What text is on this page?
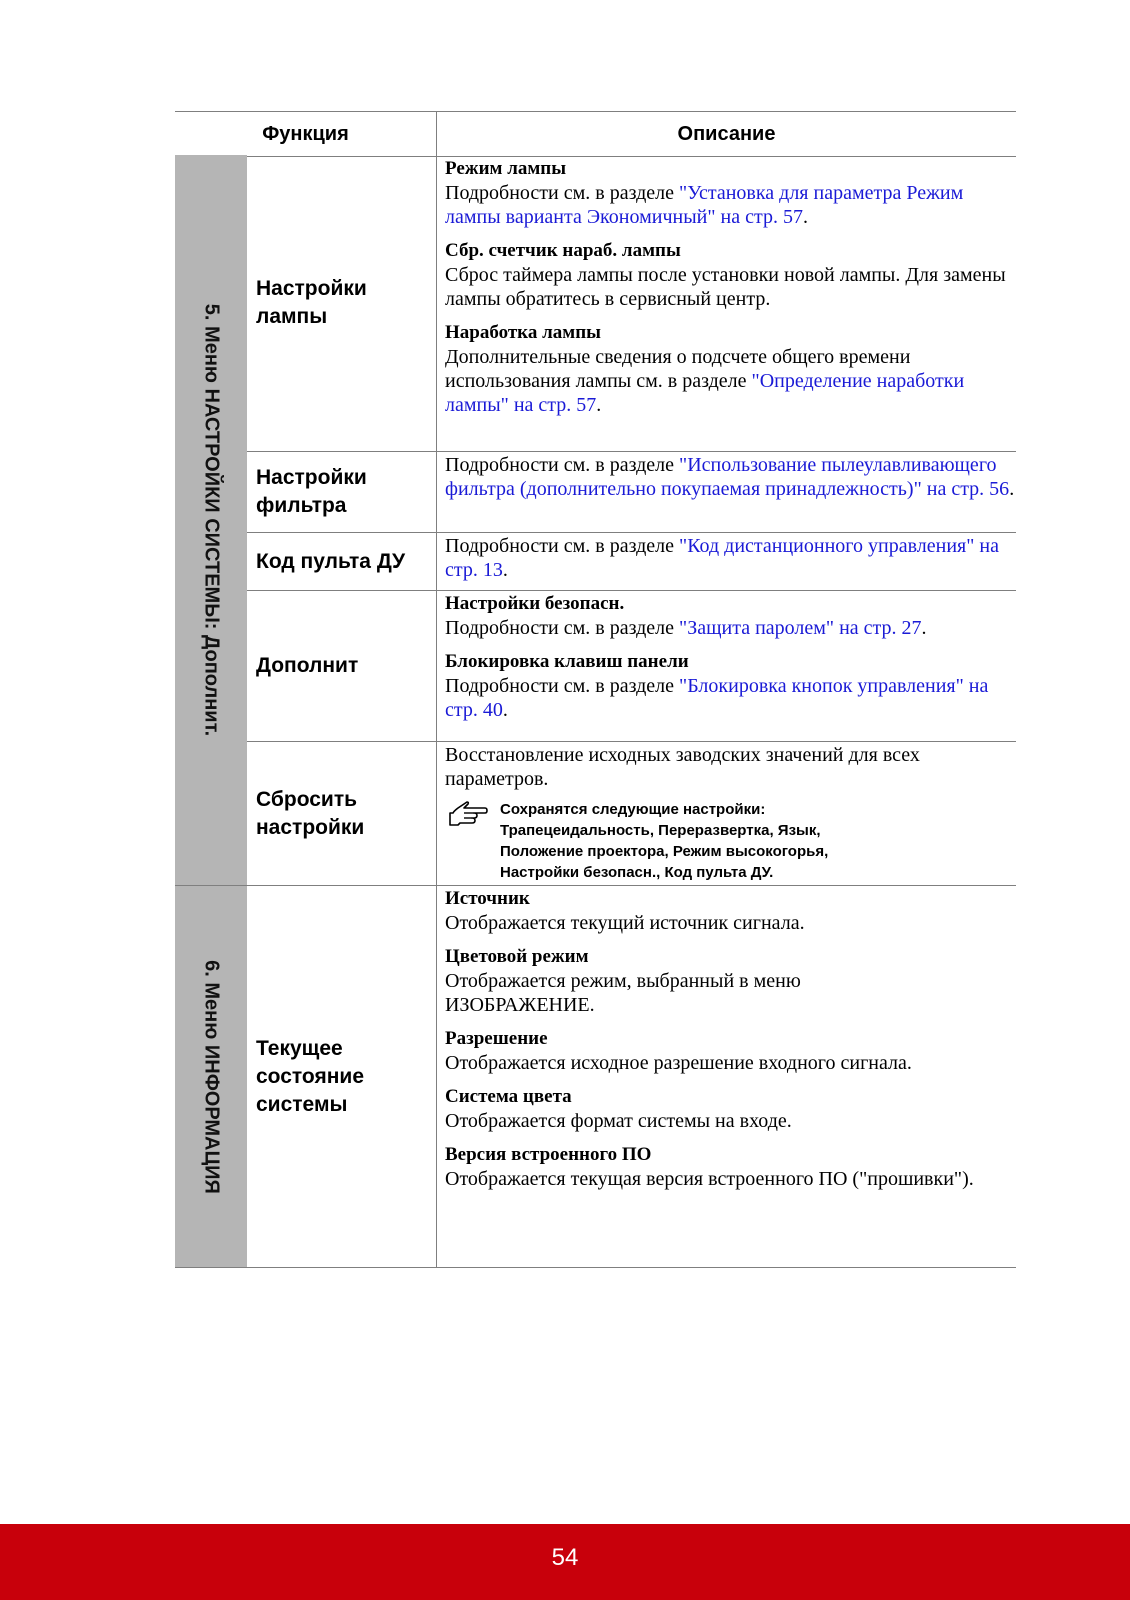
Функция	Описание
5. Меню НАСТРОЙКИ СИСТЕМЫ: Дополнит.
Настройки лампы

Режим лампы

Подробности см. в разделе "Установка для параметра Режим лампы варианта Экономичный" на стр. 57.

Сбр. счетчик нараб. лампы

Сброс таймера лампы после установки новой лампы. Для замены лампы обратитесь в сервисный центр.

Наработка лампы

Дополнительные сведения о подсчете общего времени использования лампы см. в разделе "Определение наработки лампы" на стр. 57.

Настройки фильтра

Подробности см. в разделе "Использование пылеулавливающего фильтра (дополнительно покупаемая принадлежность)" на стр. 56.

Код пульта ДУ

Подробности см. в разделе "Код дистанционного управления" на стр. 13.

Дополнит

Настройки безопасн.

Подробности см. в разделе "Защита паролем" на стр. 27.

Блокировка клавиш панели

Подробности см. в разделе "Блокировка кнопок управления" на стр. 40.

Сбросить настройки

Восстановление исходных заводских значений для всех параметров.

Сохранятся следующие настройки:
Трапецеидальность, Переразвертка, Язык,
Положение проектора, Режим высокогорья,
Настройки безопасн., Код пульта ДУ.
6. Меню ИНФОРМАЦИЯ Текущее состояние системы

Источник

Отображается текущий источник сигнала.

Цветовой режим

Отображается режим, выбранный в меню

ИЗОБРАЖЕНИЕ.

Разрешение

Отображается исходное разрешение входного сигнала.

Система цвета

Отображается формат системы на входе.

Версия встроенного ПО

Отображается текущая версия встроенного ПО ("прошивки").

54
